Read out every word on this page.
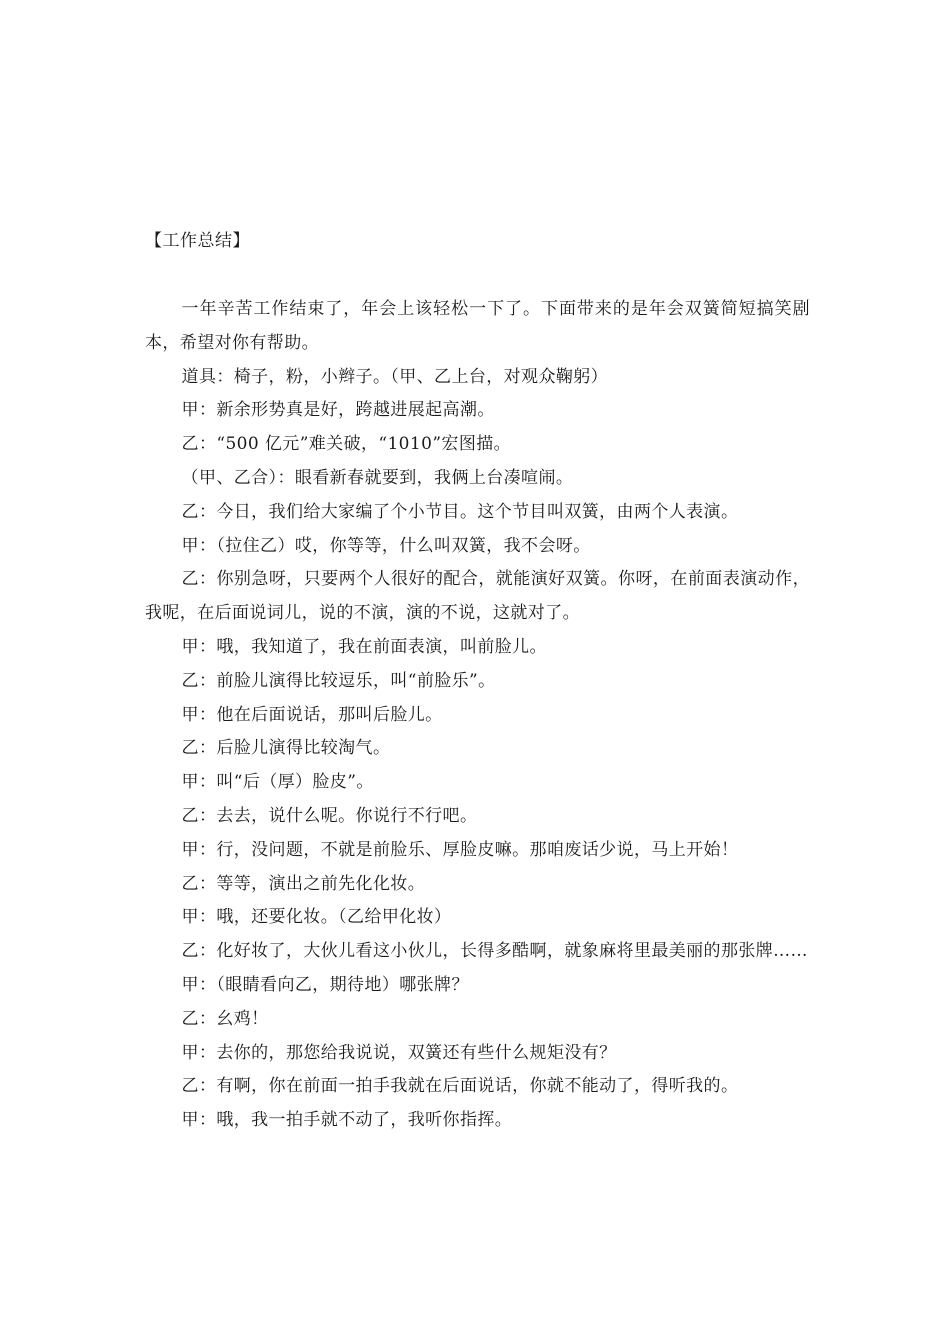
【工作总结】

一年辛苦工作结束了，年会上该轻松一下了。下面带来的是年会双簧简短搞笑剧本，希望对你有帮助。

道具：椅子，粉，小辫子。（甲、乙上台，对观众鞠躬）

甲：新余形势真是好，跨越进展起高潮。

乙：“500 亿元”难关破，“1010”宏图描。

（甲、乙合）：眼看新春就要到，我俩上台凑喧闹。

乙：今日，我们给大家编了个小节目。这个节目叫双簧，由两个人表演。

甲：（拉住乙）哎，你等等，什么叫双簧，我不会呀。

乙：你别急呀，只要两个人很好的配合，就能演好双簧。你呀，在前面表演动作，我呢，在后面说词儿，说的不演，演的不说，这就对了。

甲：哦，我知道了，我在前面表演，叫前脸儿。

乙：前脸儿演得比较逗乐，叫“前脸乐”。

甲：他在后面说话，那叫后脸儿。

乙：后脸儿演得比较淘气。

甲：叫“后（厚）脸皮”。

乙：去去，说什么呢。你说行不行吧。

甲：行，没问题，不就是前脸乐、厚脸皮嘛。那咱废话少说，马上开始！

乙：等等，演出之前先化化妆。

甲：哦，还要化妆。（乙给甲化妆）

乙：化好妆了，大伙儿看这小伙儿，长得多酷啊，就象麻将里最美丽的那张牌……

甲：（眼睛看向乙，期待地）哪张牌？

乙：幺鸡！

甲：去你的，那您给我说说，双簧还有些什么规矩没有？

乙：有啊，你在前面一拍手我就在后面说话，你就不能动了，得听我的。

甲：哦，我一拍手就不动了，我听你指挥。
